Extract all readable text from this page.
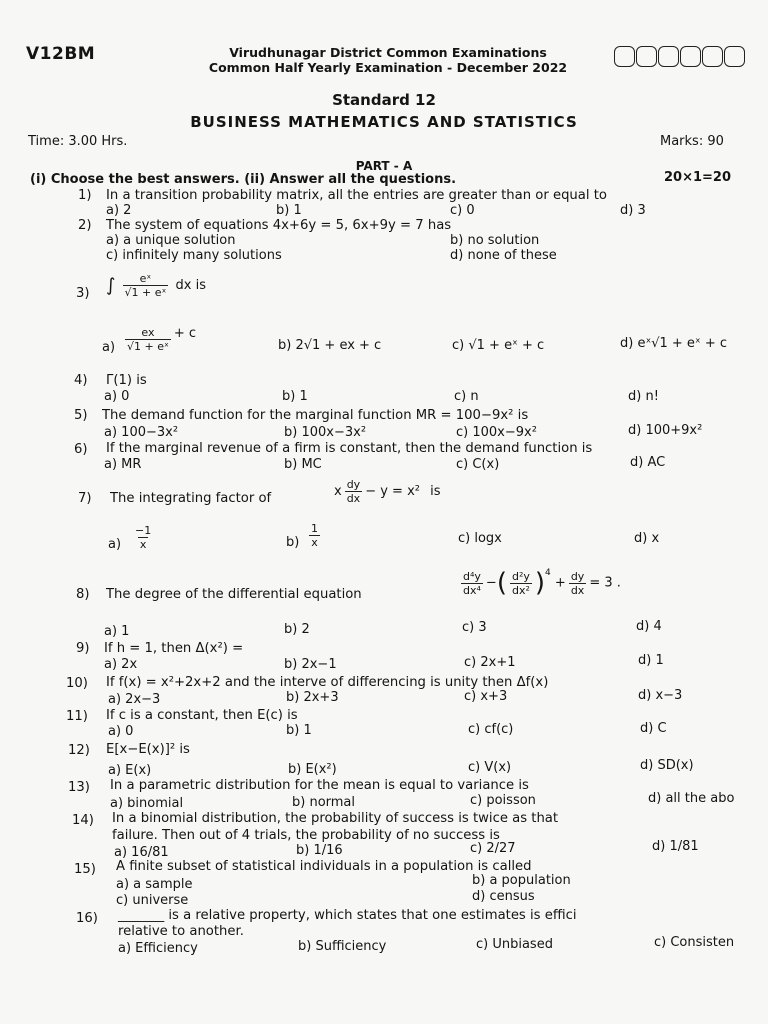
V12BM	Virudhunagar District Common Examinations
Common Half Yearly Examination - December 2022
Standard 12
BUSINESS MATHEMATICS AND STATISTICS
Time: 3.00 Hrs.	Marks: 90
PART - A
(i) Choose the best answers. (ii) Answer all the questions.	20×1=20
1) In a transition probability matrix, all the entries are greater than or equal to
a) 2	b) 1	c) 0	d) 3
2) The system of equations 4x+6y = 5, 6x+9y = 7 has
a) a unique solution	b) no solution
c) infinitely many solutions	d) none of these
3) ∫ $\frac{\text{eˣ}}{\text{√1 + eˣ}}$ dx is
$a) \frac{ex}{\text{√1 + eˣ}} + c$
b) 2√1 + ex + c	c) √1 + eˣ + c	d) eˣ√1 + eˣ + c
4) Γ(1) is
a) 0	b) 1	c) n	d) n!
5) The demand function for the marginal function MR = 100−9x² is
a) 100−3x²	b) 100x−3x²	c) 100x−9x²	d) 100+9x²
6) If the marginal revenue of a firm is constant, then the demand function is
a) MR	b) MC	c) C(x)	d) AC
7) The integrating factor of	x $\frac{dy}{dx} - y = x^2$ is
$a) \frac{-1}{x}$	$b) \frac{1}{x}$	c) logx	d) x
8) The degree of the differential equation	$\frac{\text{d⁴y}}{\text{dx⁴}}$ −( $\frac{\text{d²y}}{\text{dx²}} )^4 + \frac{dy}{dx} = 3$ .
a) 1	b) 2	c) 3	d) 4
9) If h = 1, then Δ(x²) =
a) 2x	b) 2x−1	c) 2x+1	d) 1
10) If f(x) = x²+2x+2 and the interve of differencing is unity then Δf(x)
a) 2x−3	b) 2x+3	c) x+3	d) x−3
11) If c is a constant, then E(c) is
a) 0	b) 1	c) cf(c)	d) C
12) E[x−E(x)]² is
a) E(x)	b) E(x²)	c) V(x)	d) SD(x)
13) In a parametric distribution for the mean is equal to variance is
a) binomial	b) normal	c) poisson	d) all the abo
14) In a binomial distribution, the probability of success is twice as that
failure. Then out of 4 trials, the probability of no success is
a) 16/81	b) 1/16	c) 2/27	d) 1/81
15) A finite subset of statistical individuals in a population is called
a) a sample	b) a population
c) universe	d) census
16) _______ is a relative property, which states that one estimates is effici
relative to another.
a) Efficiency	b) Sufficiency	c) Unbiased	c) Consisten
